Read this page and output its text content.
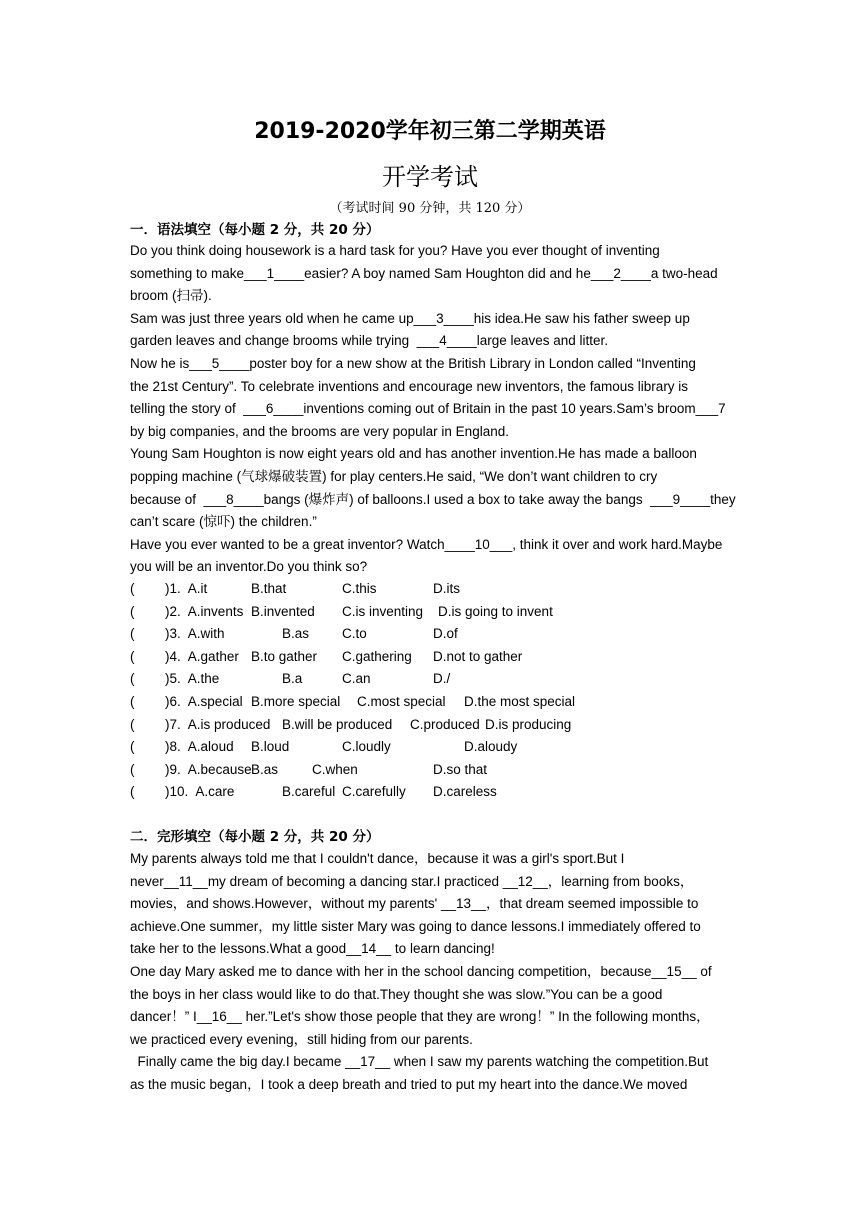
2019-2020学年初三第二学期英语
开学考试
（考试时间 90 分钟，共 120 分）
一．语法填空（每小题 2 分，共 20 分）
Do you think doing housework is a hard task for you? Have you ever thought of inventing
something to make___1____easier? A boy named Sam Houghton did and he___2____a two-head
broom (扫帚).
Sam was just three years old when he came up___3____his idea.He saw his father sweep up
garden leaves and change brooms while trying  ___4____large leaves and litter.
Now he is___5____poster boy for a new show at the British Library in London called “Inventing
the 21st Century”. To celebrate inventions and encourage new inventors, the famous library is
telling the story of  ___6____inventions coming out of Britain in the past 10 years.Sam’s broom___7
by big companies, and the brooms are very popular in England.
Young Sam Houghton is now eight years old and has another invention.He has made a balloon
popping machine (气球爆破装置) for play centers.He said, “We don’t want children to cry
because of  ___8____bangs (爆炸声) of balloons.I used a box to take away the bangs  ___9____they
can’t scare (惊吓) the children.”
Have you ever wanted to be a great inventor? Watch____10___, think it over and work hard.Maybe
you will be an inventor.Do you think so?
( )1. A.it	B.that	C.this	D.its
( )2. A.invents B.invented C.is inventing D.is going to invent
( )3. A.with	B.as C.to	D.of
( )4. A.gather B.to gather C.gathering D.not to gather
( )5. A.the	B.a	C.an	D./
( )6. A.special B.more special C.most special D.the most special
( )7. A.is produced B.will be produced C.produced D.is producing
( )8. A.aloud B.loud	C.loudly	D.aloudy
( )9. A.because B.as	C.when	D.so that
( )10. A.care	B.careful C.carefully D.careless
二．完形填空（每小题 2 分，共 20 分）
My parents always told me that I couldn't dance，because it was a girl's sport.But I
never__11__my dream of becoming a dancing star.I practiced __12__，learning from books，
movies，and shows.However，without my parents' __13__，that dream seemed impossible to
achieve.One summer，my little sister Mary was going to dance lessons.I immediately offered to
take her to the lessons.What a good__14__ to learn dancing!
One day Mary asked me to dance with her in the school dancing competition，because__15__ of
the boys in her class would like to do that.They thought she was slow.”You can be a good
dancer！” I__16__ her.”Let's show those people that they are wrong！” In the following months，
we practiced every evening，still hiding from our parents.
Finally came the big day.I became __17__ when I saw my parents watching the competition.But
as the music began，I took a deep breath and tried to put my heart into the dance.We moved
